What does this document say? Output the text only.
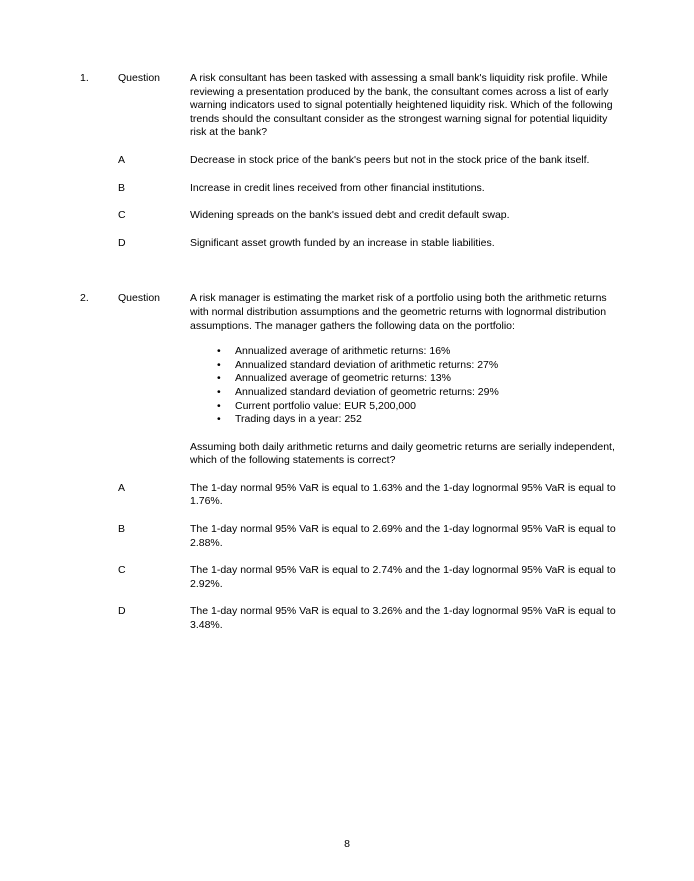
1.	Question	A risk consultant has been tasked with assessing a small bank's liquidity risk profile. While reviewing a presentation produced by the bank, the consultant comes across a list of early warning indicators used to signal potentially heightened liquidity risk. Which of the following trends should the consultant consider as the strongest warning signal for potential liquidity risk at the bank?
A	Decrease in stock price of the bank's peers but not in the stock price of the bank itself.
B	Increase in credit lines received from other financial institutions.
C	Widening spreads on the bank's issued debt and credit default swap.
D	Significant asset growth funded by an increase in stable liabilities.
2.	Question	A risk manager is estimating the market risk of a portfolio using both the arithmetic returns with normal distribution assumptions and the geometric returns with lognormal distribution assumptions. The manager gathers the following data on the portfolio:
• Annualized average of arithmetic returns: 16%
• Annualized standard deviation of arithmetic returns: 27%
• Annualized average of geometric returns: 13%
• Annualized standard deviation of geometric returns: 29%
• Current portfolio value: EUR 5,200,000
• Trading days in a year: 252
Assuming both daily arithmetic returns and daily geometric returns are serially independent, which of the following statements is correct?
A	The 1-day normal 95% VaR is equal to 1.63% and the 1-day lognormal 95% VaR is equal to 1.76%.
B	The 1-day normal 95% VaR is equal to 2.69% and the 1-day lognormal 95% VaR is equal to 2.88%.
C	The 1-day normal 95% VaR is equal to 2.74% and the 1-day lognormal 95% VaR is equal to 2.92%.
D	The 1-day normal 95% VaR is equal to 3.26% and the 1-day lognormal 95% VaR is equal to 3.48%.
8
